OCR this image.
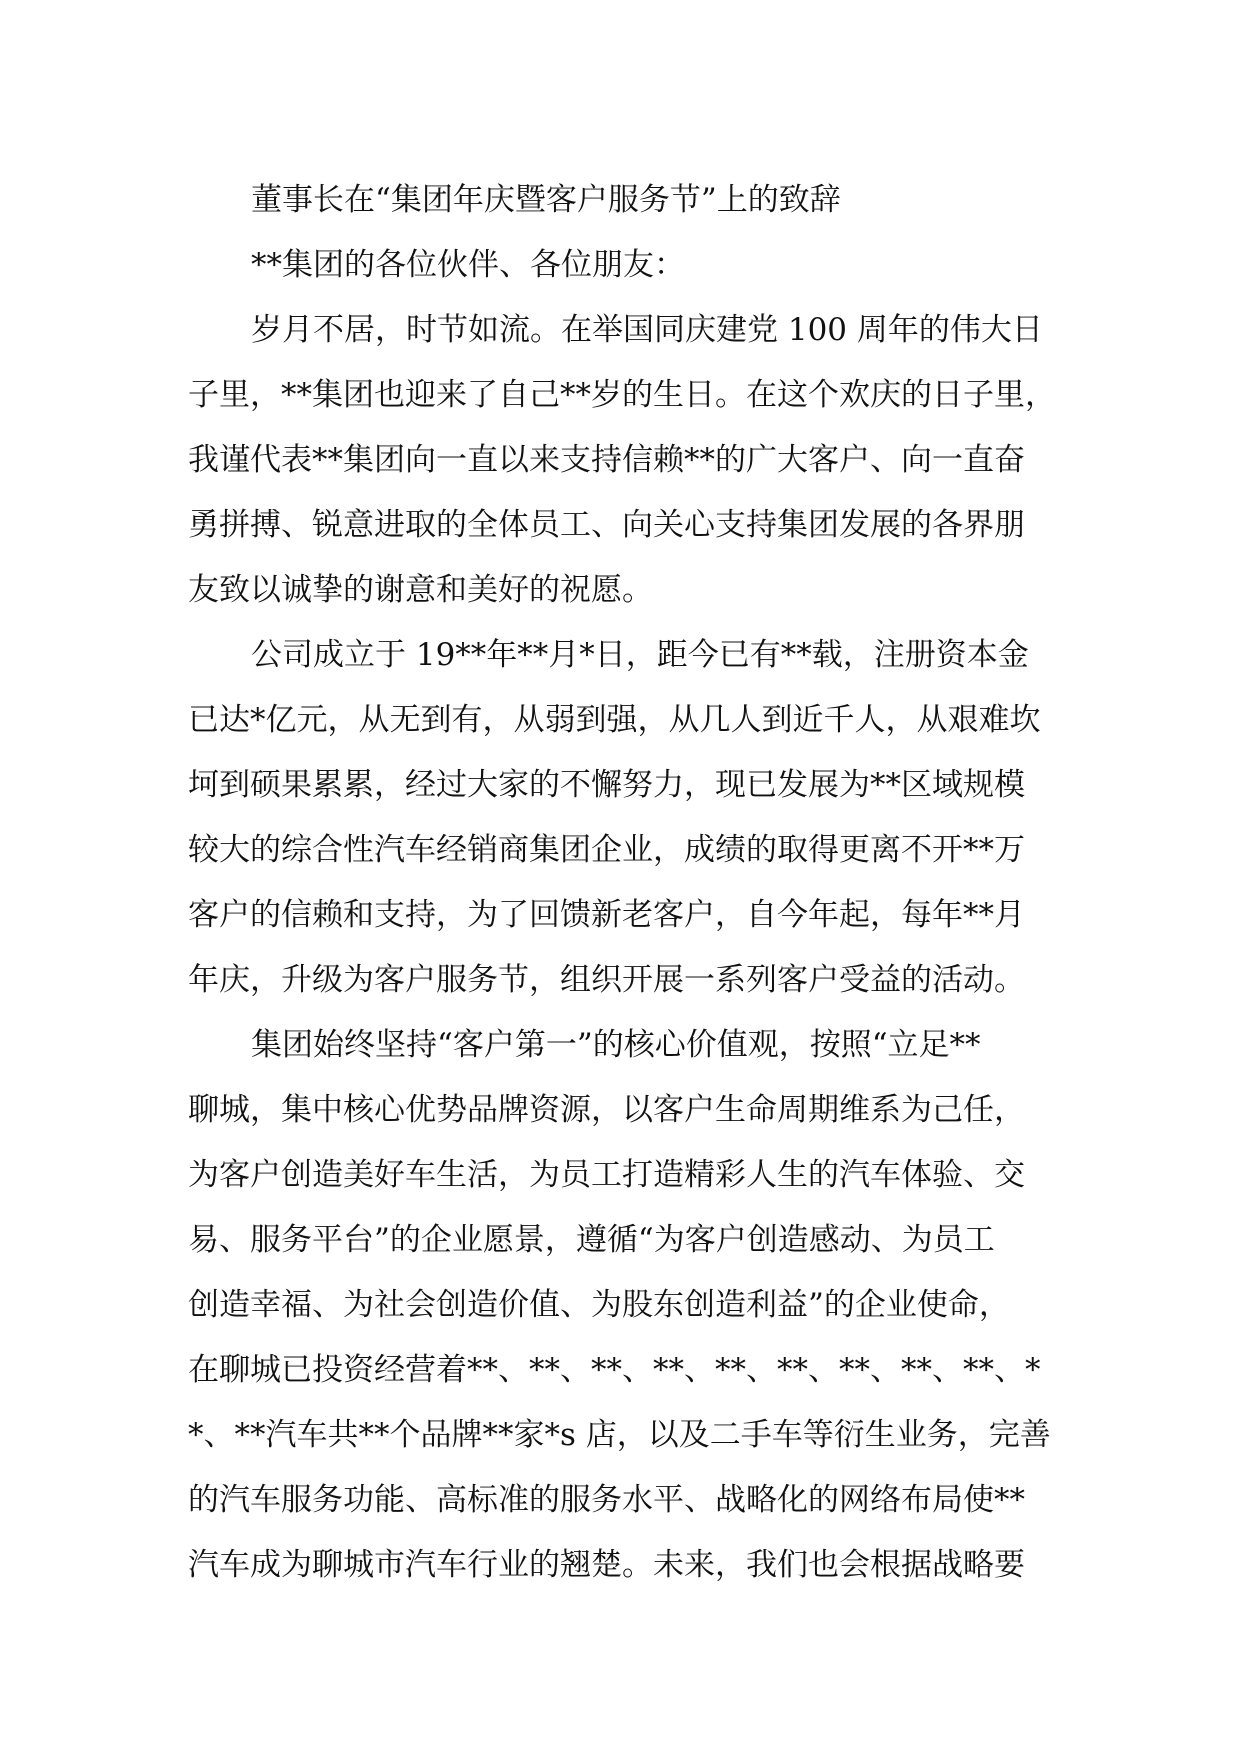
董事长在“集团年庆暨客户服务节”上的致辞
**集团的各位伙伴、各位朋友：
岁月不居，时节如流。在举国同庆建党 100 周年的伟大日
子里，**集团也迎来了自己**岁的生日。在这个欢庆的日子里，
我谨代表**集团向一直以来支持信赖**的广大客户、向一直奋
勇拼搏、锐意进取的全体员工、向关心支持集团发展的各界朋
友致以诚挚的谢意和美好的祝愿。
公司成立于 19**年**月*日，距今已有**载，注册资本金
已达*亿元，从无到有，从弱到强，从几人到近千人，从艰难坎
坷到硕果累累，经过大家的不懈努力，现已发展为**区域规模
较大的综合性汽车经销商集团企业，成绩的取得更离不开**万
客户的信赖和支持，为了回馈新老客户，自今年起，每年**月
年庆，升级为客户服务节，组织开展一系列客户受益的活动。
集团始终坚持“客户第一”的核心价值观，按照“立足**
聊城，集中核心优势品牌资源，以客户生命周期维系为己任，
为客户创造美好车生活，为员工打造精彩人生的汽车体验、交
易、服务平台”的企业愿景，遵循“为客户创造感动、为员工
创造幸福、为社会创造价值、为股东创造利益”的企业使命，
在聊城已投资经营着**、**、**、**、**、**、**、**、**、*
*、**汽车共**个品牌**家*s 店，以及二手车等衍生业务，完善
的汽车服务功能、高标准的服务水平、战略化的网络布局使**
汽车成为聊城市汽车行业的翘楚。未来，我们也会根据战略要
